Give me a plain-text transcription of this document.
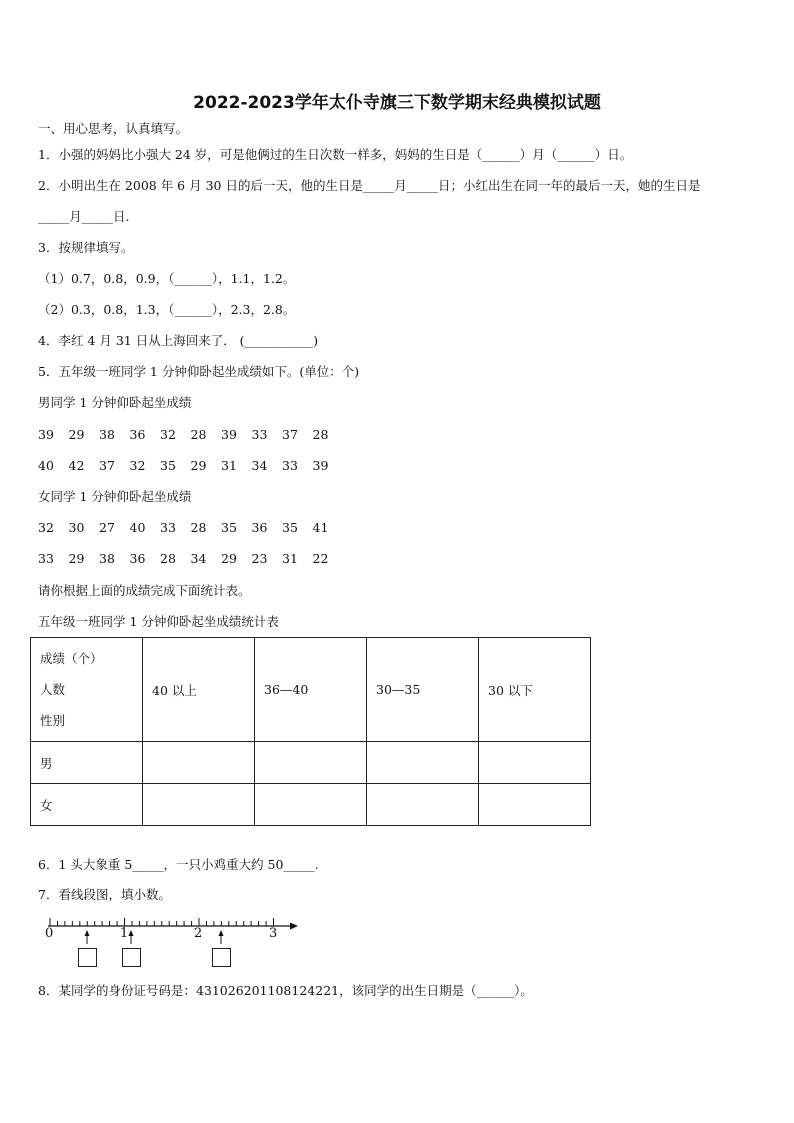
2022-2023学年太仆寺旗三下数学期末经典模拟试题
一、用心思考，认真填写。
1．小强的妈妈比小强大 24 岁，可是他俩过的生日次数一样多，妈妈的生日是（______）月（______）日。
2．小明出生在 2008 年 6 月 30 日的后一天，他的生日是_____月_____日；小红出生在同一年的最后一天，她的生日是
_____月_____日.
3．按规律填写。
（1）0.7，0.8，0.9，（______），1.1，1.2。
（2）0.3，0.8，1.3，（______），2.3，2.8。
4．李红 4 月 31 日从上海回来了． (___________)
5．五年级一班同学 1 分钟仰卧起坐成绩如下。(单位：个)
男同学 1 分钟仰卧起坐成绩
39	29	38	36	32	28	39	33	37	28
40	42	37	32	35	29	31	34	33	39
女同学 1 分钟仰卧起坐成绩
32	30	27	40	33	28	35	36	35	41
33	29	38	36	28	34	29	23	31	22
请你根据上面的成绩完成下面统计表。
五年级一班同学 1 分钟仰卧起坐成绩统计表
成绩（个）
人数
性别	40 以上	36—40	30—35	30 以下
男				
女				
6．1 头大象重 5_____，一只小鸡重大约 50_____.
7．看线段图，填小数。
0	1	2	3
8．某同学的身份证号码是：431026201108124221，该同学的出生日期是（______）。
